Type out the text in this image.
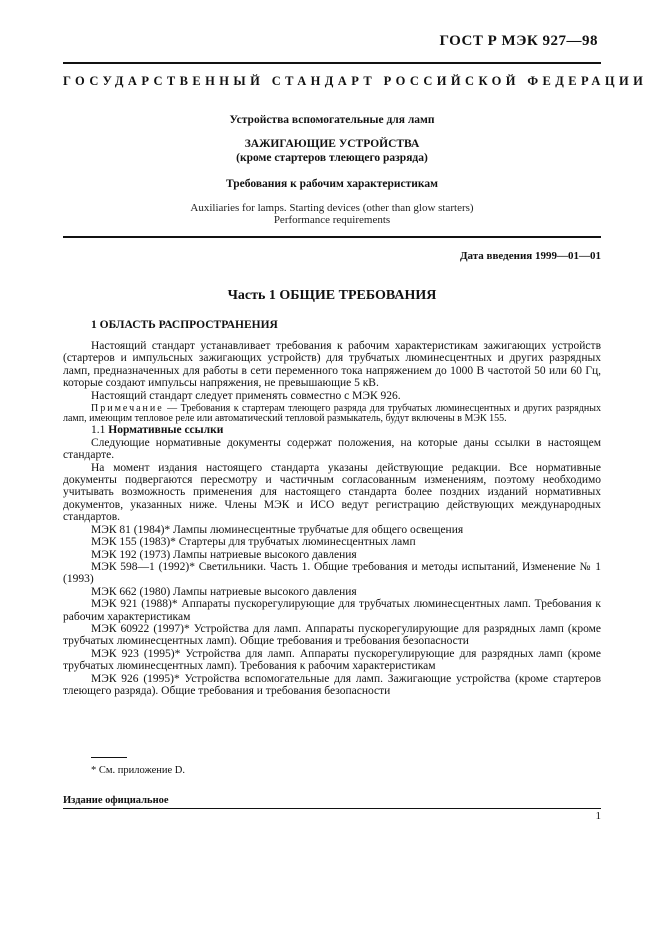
ГОСТ Р МЭК 927—98
ГОСУДАРСТВЕННЫЙ СТАНДАРТ РОССИЙСКОЙ ФЕДЕРАЦИИ
Устройства вспомогательные для ламп
ЗАЖИГАЮЩИЕ УСТРОЙСТВА
(кроме стартеров тлеющего разряда)
Требования к рабочим характеристикам
Auxiliaries for lamps. Starting devices (other than glow starters)
Performance requirements
Дата введения 1999—01—01
Часть 1 ОБЩИЕ ТРЕБОВАНИЯ
1 ОБЛАСТЬ РАСПРОСТРАНЕНИЯ

Настоящий стандарт устанавливает требования к рабочим характеристикам зажигающих устройств (стартеров и импульсных зажигающих устройств) для трубчатых люминесцентных и других разрядных ламп, предназначенных для работы в сети переменного тока напряжением до 1000 В частотой 50 или 60 Гц, которые создают импульсы напряжения, не превышающие 5 кВ.

Настоящий стандарт следует применять совместно с МЭК 926.

Примечание — Требования к стартерам тлеющего разряда для трубчатых люминесцентных и других разрядных ламп, имеющим тепловое реле или автоматический тепловой размыкатель, будут включены в МЭК 155.

1.1 Нормативные ссылки

Следующие нормативные документы содержат положения, на которые даны ссылки в настоящем стандарте.

На момент издания настоящего стандарта указаны действующие редакции. Все нормативные документы подвергаются пересмотру и частичным согласованным изменениям, поэтому необходимо учитывать возможность применения для настоящего стандарта более поздних изданий нормативных документов, указанных ниже. Члены МЭК и ИСО ведут регистрацию действующих международных стандартов.

МЭК 81 (1984)* Лампы люминесцентные трубчатые для общего освещения

МЭК 155 (1983)* Стартеры для трубчатых люминесцентных ламп

МЭК 192 (1973) Лампы натриевые высокого давления

МЭК 598—1 (1992)* Светильники. Часть 1. Общие требования и методы испытаний, Изменение № 1 (1993)

МЭК 662 (1980) Лампы натриевые высокого давления

МЭК 921 (1988)* Аппараты пускорегулирующие для трубчатых люминесцентных ламп. Требования к рабочим характеристикам

МЭК 60922 (1997)* Устройства для ламп. Аппараты пускорегулирующие для разрядных ламп (кроме трубчатых люминесцентных ламп). Общие требования и требования безопасности

МЭК 923 (1995)* Устройства для ламп. Аппараты пускорегулирующие для разрядных ламп (кроме трубчатых люминесцентных ламп). Требования к рабочим характеристикам

МЭК 926 (1995)* Устройства вспомогательные для ламп. Зажигающие устройства (кроме стартеров тлеющего разряда). Общие требования и требования безопасности

* См. приложение D.
Издание официальное
1
